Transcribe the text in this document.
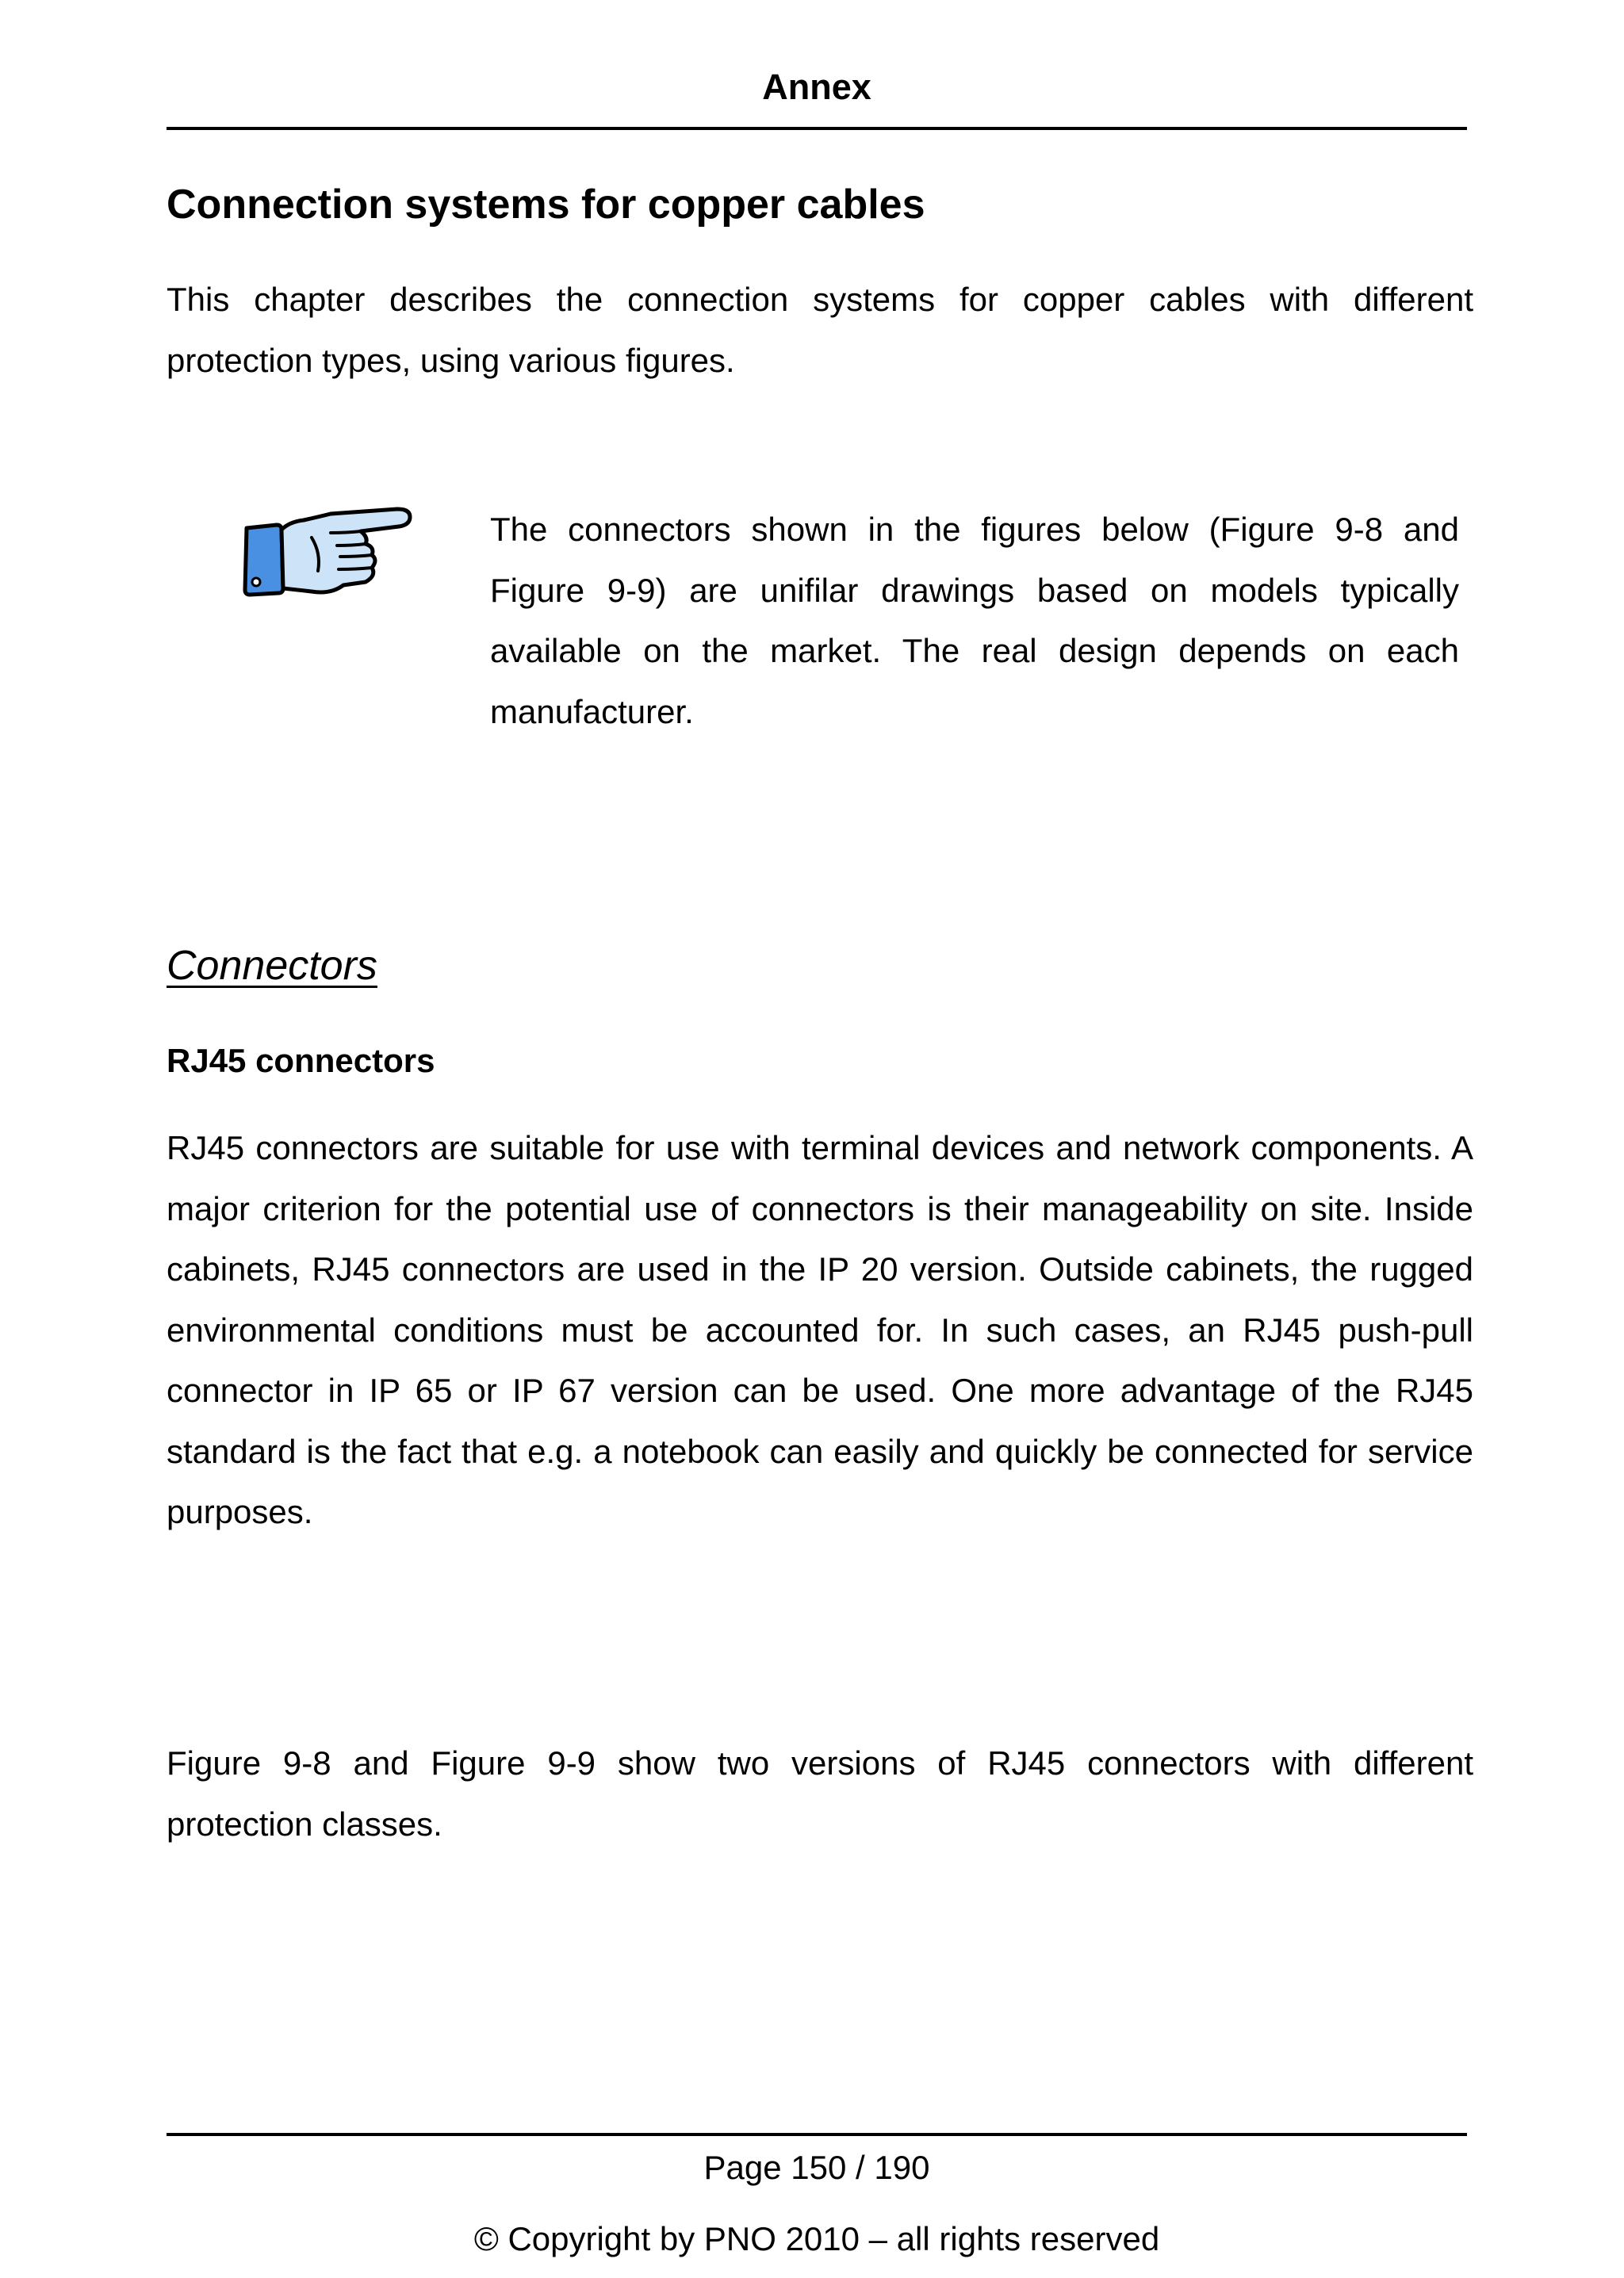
Annex
Connection systems for copper cables

This chapter describes the connection systems for copper cables with different protection types, using various figures.

The connectors shown in the figures below (Figure 9-8 and Figure 9-9) are unifilar drawings based on models typically available on the market. The real design depends on each manufacturer.

Connectors
RJ45 connectors

RJ45 connectors are suitable for use with terminal devices and network components. A major criterion for the potential use of connectors is their manageability on site. Inside cabinets, RJ45 connectors are used in the IP 20 version. Outside cabinets, the rugged environmental conditions must be accounted for. In such cases, an RJ45 push-pull connector in IP 65 or IP 67 version can be used. One more advantage of the RJ45 standard is the fact that e.g. a notebook can easily and quickly be connected for service purposes.

Figure 9-8 and Figure 9-9 show two versions of RJ45 connectors with different protection classes.

Page 150 / 190
© Copyright by PNO 2010 – all rights reserved
